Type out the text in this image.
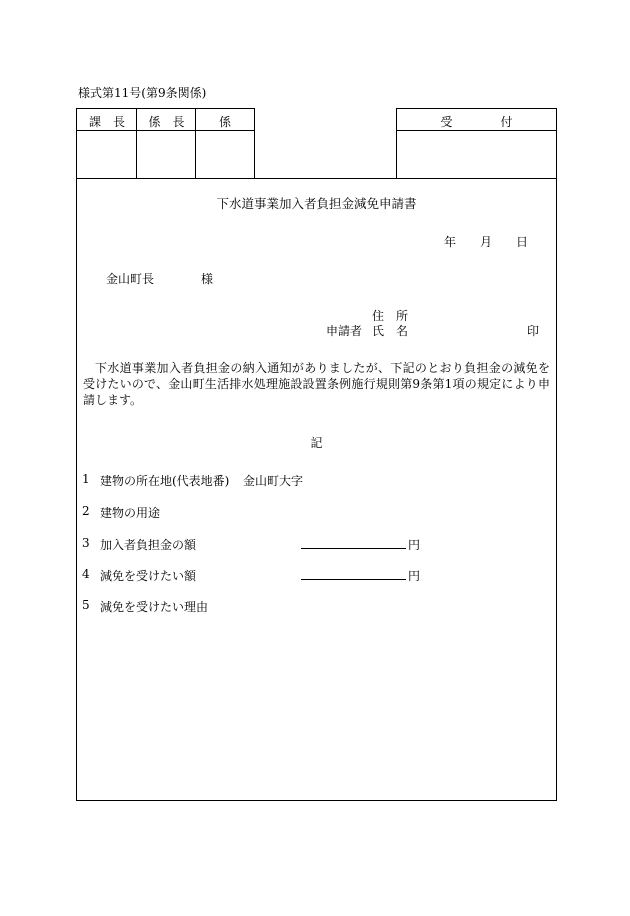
様式第11号(第9条関係)
課　長	係　長	係	受　　　　付
下水道事業加入者負担金減免申請書
年　　月　　日
金山町長	様
住　所
申請者 氏　名	印
下水道事業加入者負担金の納入通知がありましたが、下記のとおり負担金の減免を受けたいので、金山町生活排水処理施設設置条例施行規則第9条第1項の規定により申請します。
記
1 建物の所在地(代表地番) 金山町大字
2 建物の用途
3 加入者負担金の額	円
4 減免を受けたい額	円
5 減免を受けたい理由
